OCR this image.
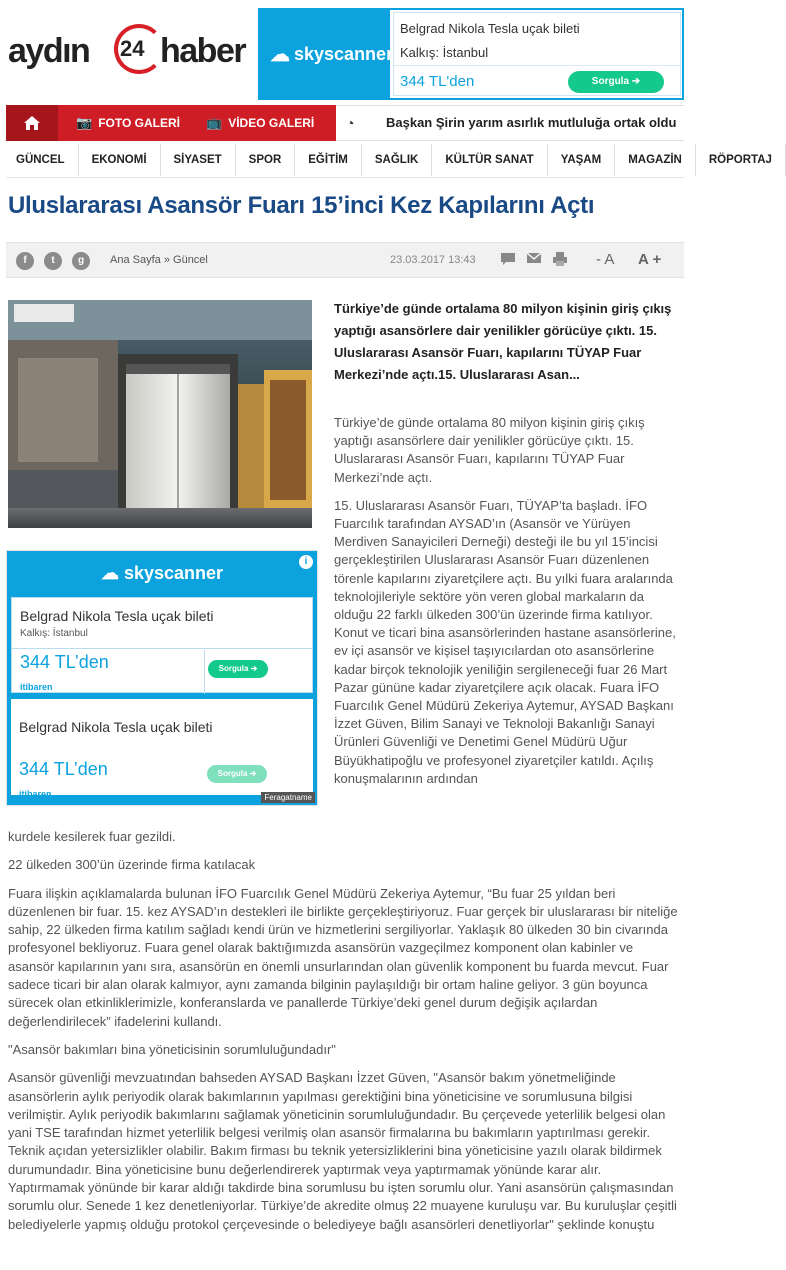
aydın 24 haber ☁ skyscanner
Belgrad Nikola Tesla uçak bileti
Kalkış: İstanbul
344 TL'den	Sorgula ➔
📷 FOTO GALERİ 📺 VİDEO GALERİ ◔	Başkan Şirin yarım asırlık mutluluğa ortak oldu
GÜNCEL EKONOMİ SİYASET SPOR EĞİTİM SAĞLIK KÜLTÜR SANAT YAŞAM MAGAZİN RÖPORTAJ
Uluslararası Asansör Fuarı 15’inci Kez Kapılarını Açtı
f	t	g	Ana Sayfa » Güncel	23.03.2017 13:43	- A A +
Türkiye’de günde ortalama 80 milyon kişinin giriş çıkış yaptığı asansörlere dair yenilikler görücüye çıktı. 15. Uluslararası Asansör Fuarı, kapılarını TÜYAP Fuar Merkezi’nde açtı.15. Uluslararası Asan...

Türkiye’de günde ortalama 80 milyon kişinin giriş çıkış yaptığı asansörlere dair yenilikler görücüye çıktı. 15. Uluslararası Asansör Fuarı, kapılarını TÜYAP Fuar Merkezi’nde açtı.

15. Uluslararası Asansör Fuarı, TÜYAP’ta başladı. İFO Fuarcılık tarafından AYSAD’ın (Asansör ve Yürüyen Merdiven Sanayicileri Derneği) desteği ile bu yıl 15’incisi gerçekleştirilen Uluslararası Asansör Fuarı düzenlenen törenle kapılarını ziyaretçilere açtı. Bu yılki fuara aralarında teknolojileriyle sektöre yön veren global markaların da olduğu 22 farklı ülkeden 300’ün üzerinde firma katılıyor. Konut ve ticari bina asansörlerinden hastane asansörlerine, ev içi asansör ve kişisel taşıyıcılardan oto asansörlerine kadar birçok teknolojik yeniliğin sergileneceği fuar 26 Mart Pazar gününe kadar ziyaretçilere açık olacak. Fuara İFO Fuarcılık Genel Müdürü Zekeriya Aytemur, AYSAD Başkanı İzzet Güven, Bilim Sanayi ve Teknoloji Bakanlığı Sanayi Ürünleri Güvenliği ve Denetimi Genel Müdürü Uğur Büyükhatipoğlu ve profesyonel ziyaretçiler katıldı. Açılış konuşmalarının ardından

☁ skyscanner
i
Belgrad Nikola Tesla uçak bileti
Kalkış: İstanbul
344 TL’den
itibaren
Sorgula ➔
Belgrad Nikola Tesla uçak bileti
344 TL’den
itibaren
Sorgula ➔
Feragatname

kurdele kesilerek fuar gezildi.

22 ülkeden 300’ün üzerinde firma katılacak

Fuara ilişkin açıklamalarda bulunan İFO Fuarcılık Genel Müdürü Zekeriya Aytemur, “Bu fuar 25 yıldan beri düzenlenen bir fuar. 15. kez AYSAD’ın destekleri ile birlikte gerçekleştiriyoruz. Fuar gerçek bir uluslararası bir niteliğe sahip, 22 ülkeden firma katılım sağladı kendi ürün ve hizmetlerini sergiliyorlar. Yaklaşık 80 ülkeden 30 bin civarında profesyonel bekliyoruz. Fuara genel olarak baktığımızda asansörün vazgeçilmez komponent olan kabinler ve asansör kapılarının yanı sıra, asansörün en önemli unsurlarından olan güvenlik komponent bu fuarda mevcut. Fuar sadece ticari bir alan olarak kalmıyor, aynı zamanda bilginin paylaşıldığı bir ortam haline geliyor. 3 gün boyunca sürecek olan etkinliklerimizle, konferanslarda ve panallerde Türkiye’deki genel durum değişik açılardan değerlendirilecek” ifadelerini kullandı.

"Asansör bakımları bina yöneticisinin sorumluluğundadır"

Asansör güvenliği mevzuatından bahseden AYSAD Başkanı İzzet Güven, "Asansör bakım yönetmeliğinde asansörlerin aylık periyodik olarak bakımlarının yapılması gerektiğini bina yöneticisine ve sorumlusuna bilgisi verilmiştir. Aylık periyodik bakımlarını sağlamak yöneticinin sorumluluğundadır. Bu çerçevede yeterlilik belgesi olan yani TSE tarafından hizmet yeterlilik belgesi verilmiş olan asansör firmalarına bu bakımların yaptırılması gerekir. Teknik açıdan yetersizlikler olabilir. Bakım firması bu teknik yetersizliklerini bina yöneticisine yazılı olarak bildirmek durumundadır. Bina yöneticisine bunu değerlendirerek yaptırmak veya yaptırmamak yönünde karar alır. Yaptırmamak yönünde bir karar aldığı takdirde bina sorumlusu bu işten sorumlu olur. Yani asansörün çalışmasından sorumlu olur. Senede 1 kez denetleniyorlar. Türkiye’de akredite olmuş 22 muayene kuruluşu var. Bu kuruluşlar çeşitli belediyelerle yapmış olduğu protokol çerçevesinde o belediyeye bağlı asansörleri denetliyorlar" şeklinde konuştu
